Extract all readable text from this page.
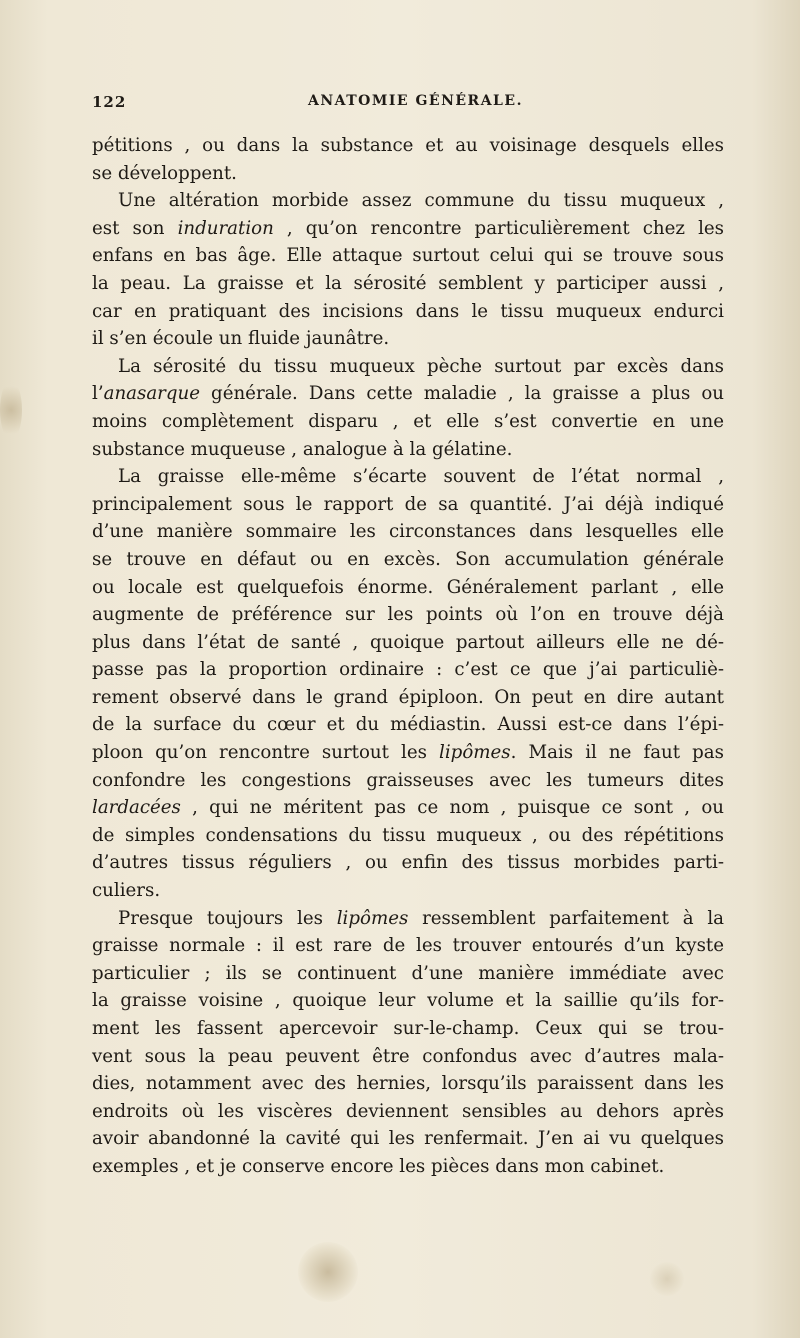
122	ANATOMIE GÉNÉRALE.
pétitions , ou dans la substance et au voisinage desquels elles
se développent.
Une altération morbide assez commune du tissu muqueux ,
est son induration , qu’on rencontre particulièrement chez les
enfans en bas âge. Elle attaque surtout celui qui se trouve sous
la peau. La graisse et la sérosité semblent y participer aussi ,
car en pratiquant des incisions dans le tissu muqueux endurci
il s’en écoule un fluide jaunâtre.
La sérosité du tissu muqueux pèche surtout par excès dans
l’anasarque générale. Dans cette maladie , la graisse a plus ou
moins complètement disparu , et elle s’est convertie en une
substance muqueuse , analogue à la gélatine.
La graisse elle-même s’écarte souvent de l’état normal ,
principalement sous le rapport de sa quantité. J’ai déjà indiqué
d’une manière sommaire les circonstances dans lesquelles elle
se trouve en défaut ou en excès. Son accumulation générale
ou locale est quelquefois énorme. Généralement parlant , elle
augmente de préférence sur les points où l’on en trouve déjà
plus dans l’état de santé , quoique partout ailleurs elle ne dé-
passe pas la proportion ordinaire : c’est ce que j’ai particuliè-
rement observé dans le grand épiploon. On peut en dire autant
de la surface du cœur et du médiastin. Aussi est-ce dans l’épi-
ploon qu’on rencontre surtout les lipômes. Mais il ne faut pas
confondre les congestions graisseuses avec les tumeurs dites
lardacées , qui ne méritent pas ce nom , puisque ce sont , ou
de simples condensations du tissu muqueux , ou des répétitions
d’autres tissus réguliers , ou enfin des tissus morbides parti-
culiers.
Presque toujours les lipômes ressemblent parfaitement à la
graisse normale : il est rare de les trouver entourés d’un kyste
particulier ; ils se continuent d’une manière immédiate avec
la graisse voisine , quoique leur volume et la saillie qu’ils for-
ment les fassent apercevoir sur-le-champ. Ceux qui se trou-
vent sous la peau peuvent être confondus avec d’autres mala-
dies, notamment avec des hernies, lorsqu’ils paraissent dans les
endroits où les viscères deviennent sensibles au dehors après
avoir abandonné la cavité qui les renfermait. J’en ai vu quelques
exemples , et je conserve encore les pièces dans mon cabinet.
